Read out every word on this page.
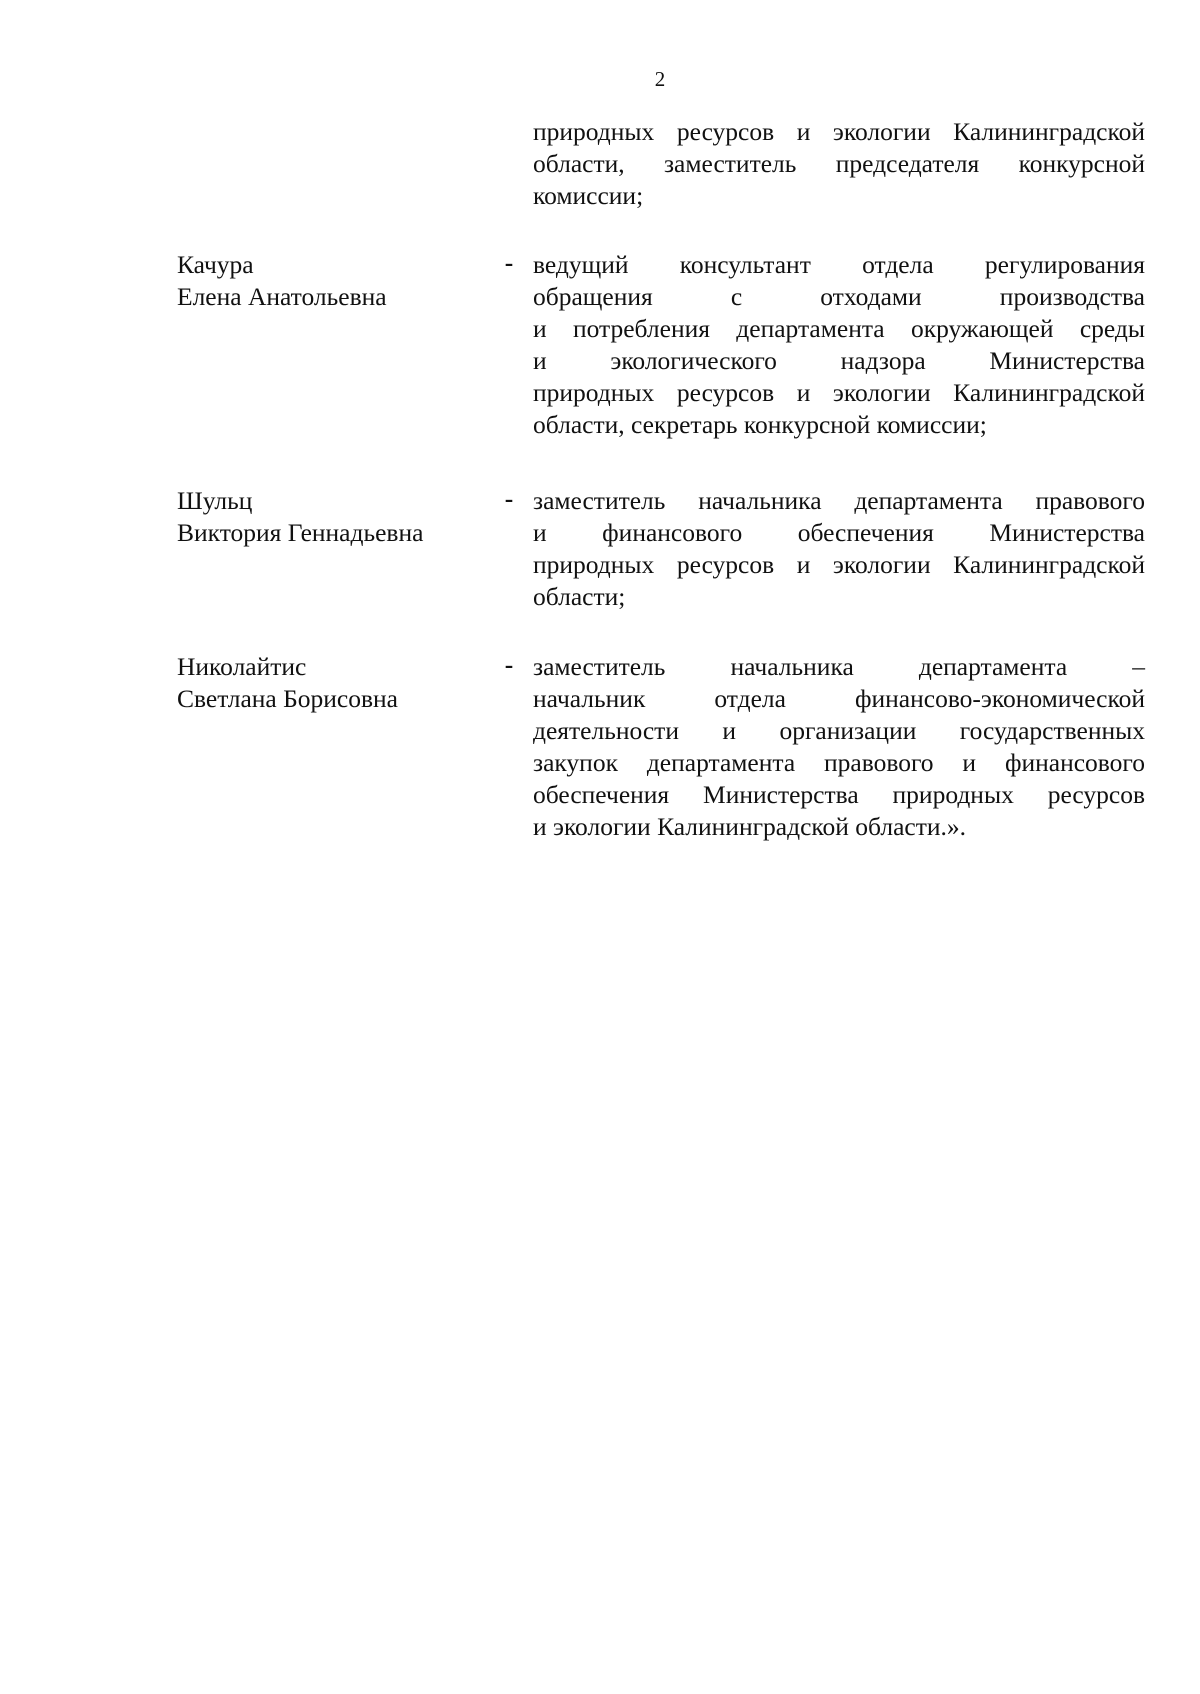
2
природных ресурсов и экологии Калининградской
области, заместитель председателя конкурсной
комиссии;
Качура
Елена Анатольевна
- ведущий консультант отдела регулирования
обращения с отходами производства
и потребления департамента окружающей среды
и экологического надзора Министерства
природных ресурсов и экологии Калининградской
области, секретарь конкурсной комиссии;
Шульц
Виктория Геннадьевна
- заместитель начальника департамента правового
и финансового обеспечения Министерства
природных ресурсов и экологии Калининградской
области;
Николайтис
Светлана Борисовна
- заместитель начальника департамента –
начальник отдела финансово-экономической
деятельности и организации государственных
закупок департамента правового и финансового
обеспечения Министерства природных ресурсов
и экологии Калининградской области.».
